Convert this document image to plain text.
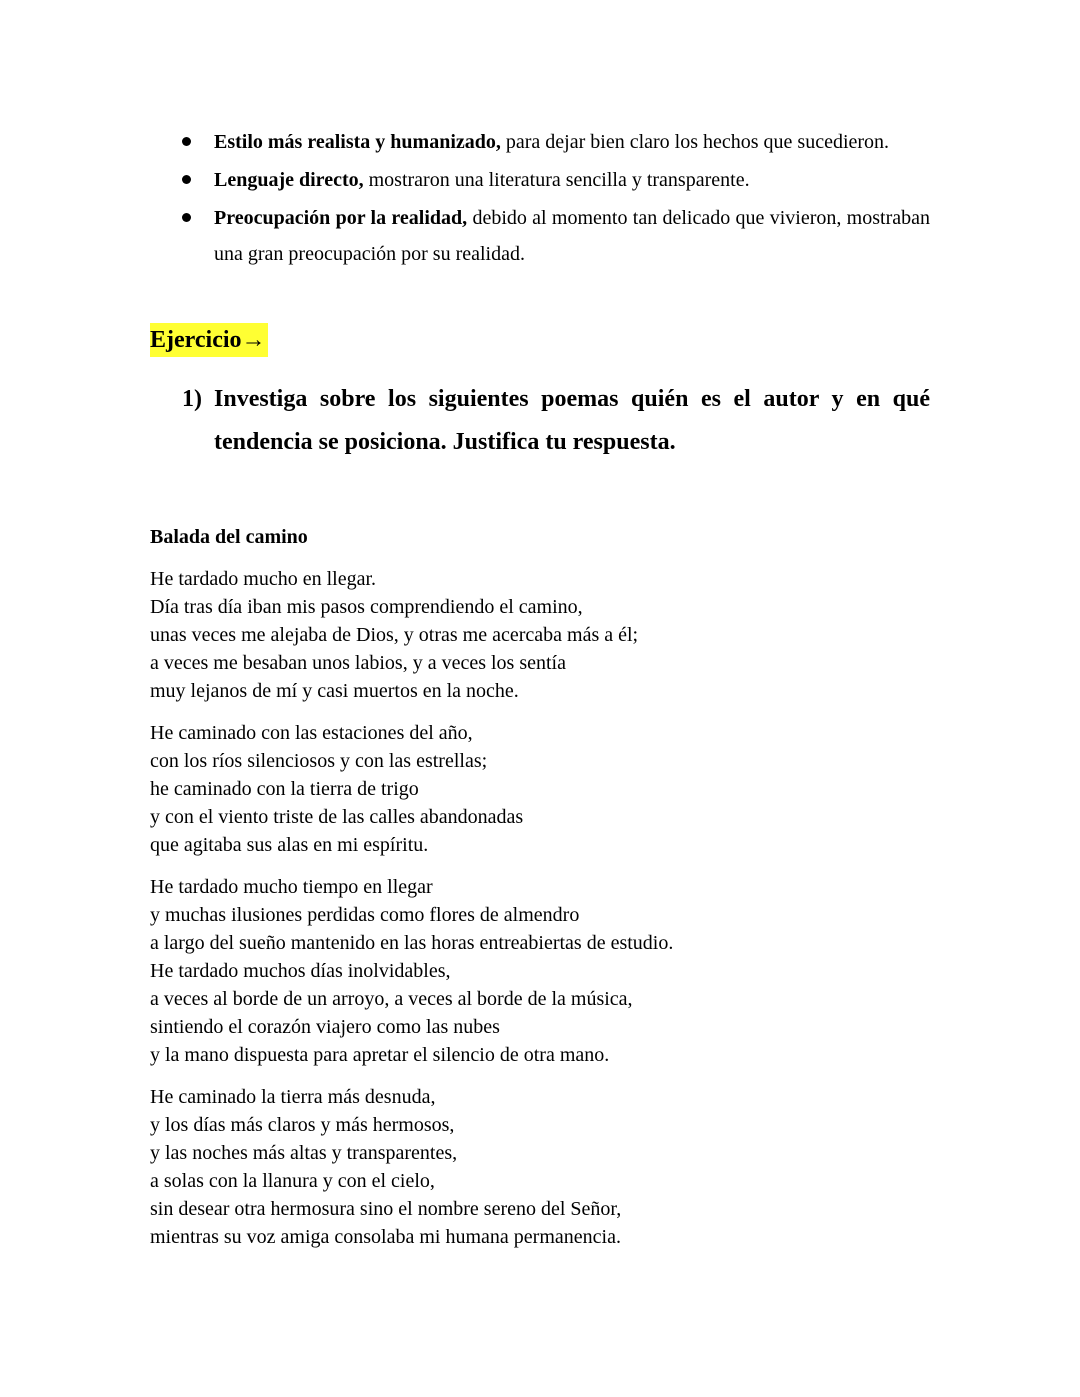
Estilo más realista y humanizado, para dejar bien claro los hechos que sucedieron.
Lenguaje directo, mostraron una literatura sencilla y transparente.
Preocupación por la realidad, debido al momento tan delicado que vivieron, mostraban una gran preocupación por su realidad.
Ejercicio→
1) Investiga sobre los siguientes poemas quién es el autor y en qué tendencia se posiciona. Justifica tu respuesta.
Balada del camino
He tardado mucho en llegar.
Día tras día iban mis pasos comprendiendo el camino,
unas veces me alejaba de Dios, y otras me acercaba más a él;
a veces me besaban unos labios, y a veces los sentía
muy lejanos de mí y casi muertos en la noche.
He caminado con las estaciones del año,
con los ríos silenciosos y con las estrellas;
he caminado con la tierra de trigo
y con el viento triste de las calles abandonadas
que agitaba sus alas en mi espíritu.
He tardado mucho tiempo en llegar
y muchas ilusiones perdidas como flores de almendro
a largo del sueño mantenido en las horas entreabiertas de estudio.
He tardado muchos días inolvidables,
a veces al borde de un arroyo, a veces al borde de la música,
sintiendo el corazón viajero como las nubes
y la mano dispuesta para apretar el silencio de otra mano.
He caminado la tierra más desnuda,
y los días más claros y más hermosos,
y las noches más altas y transparentes,
a solas con la llanura y con el cielo,
sin desear otra hermosura sino el nombre sereno del Señor,
mientras su voz amiga consolaba mi humana permanencia.
